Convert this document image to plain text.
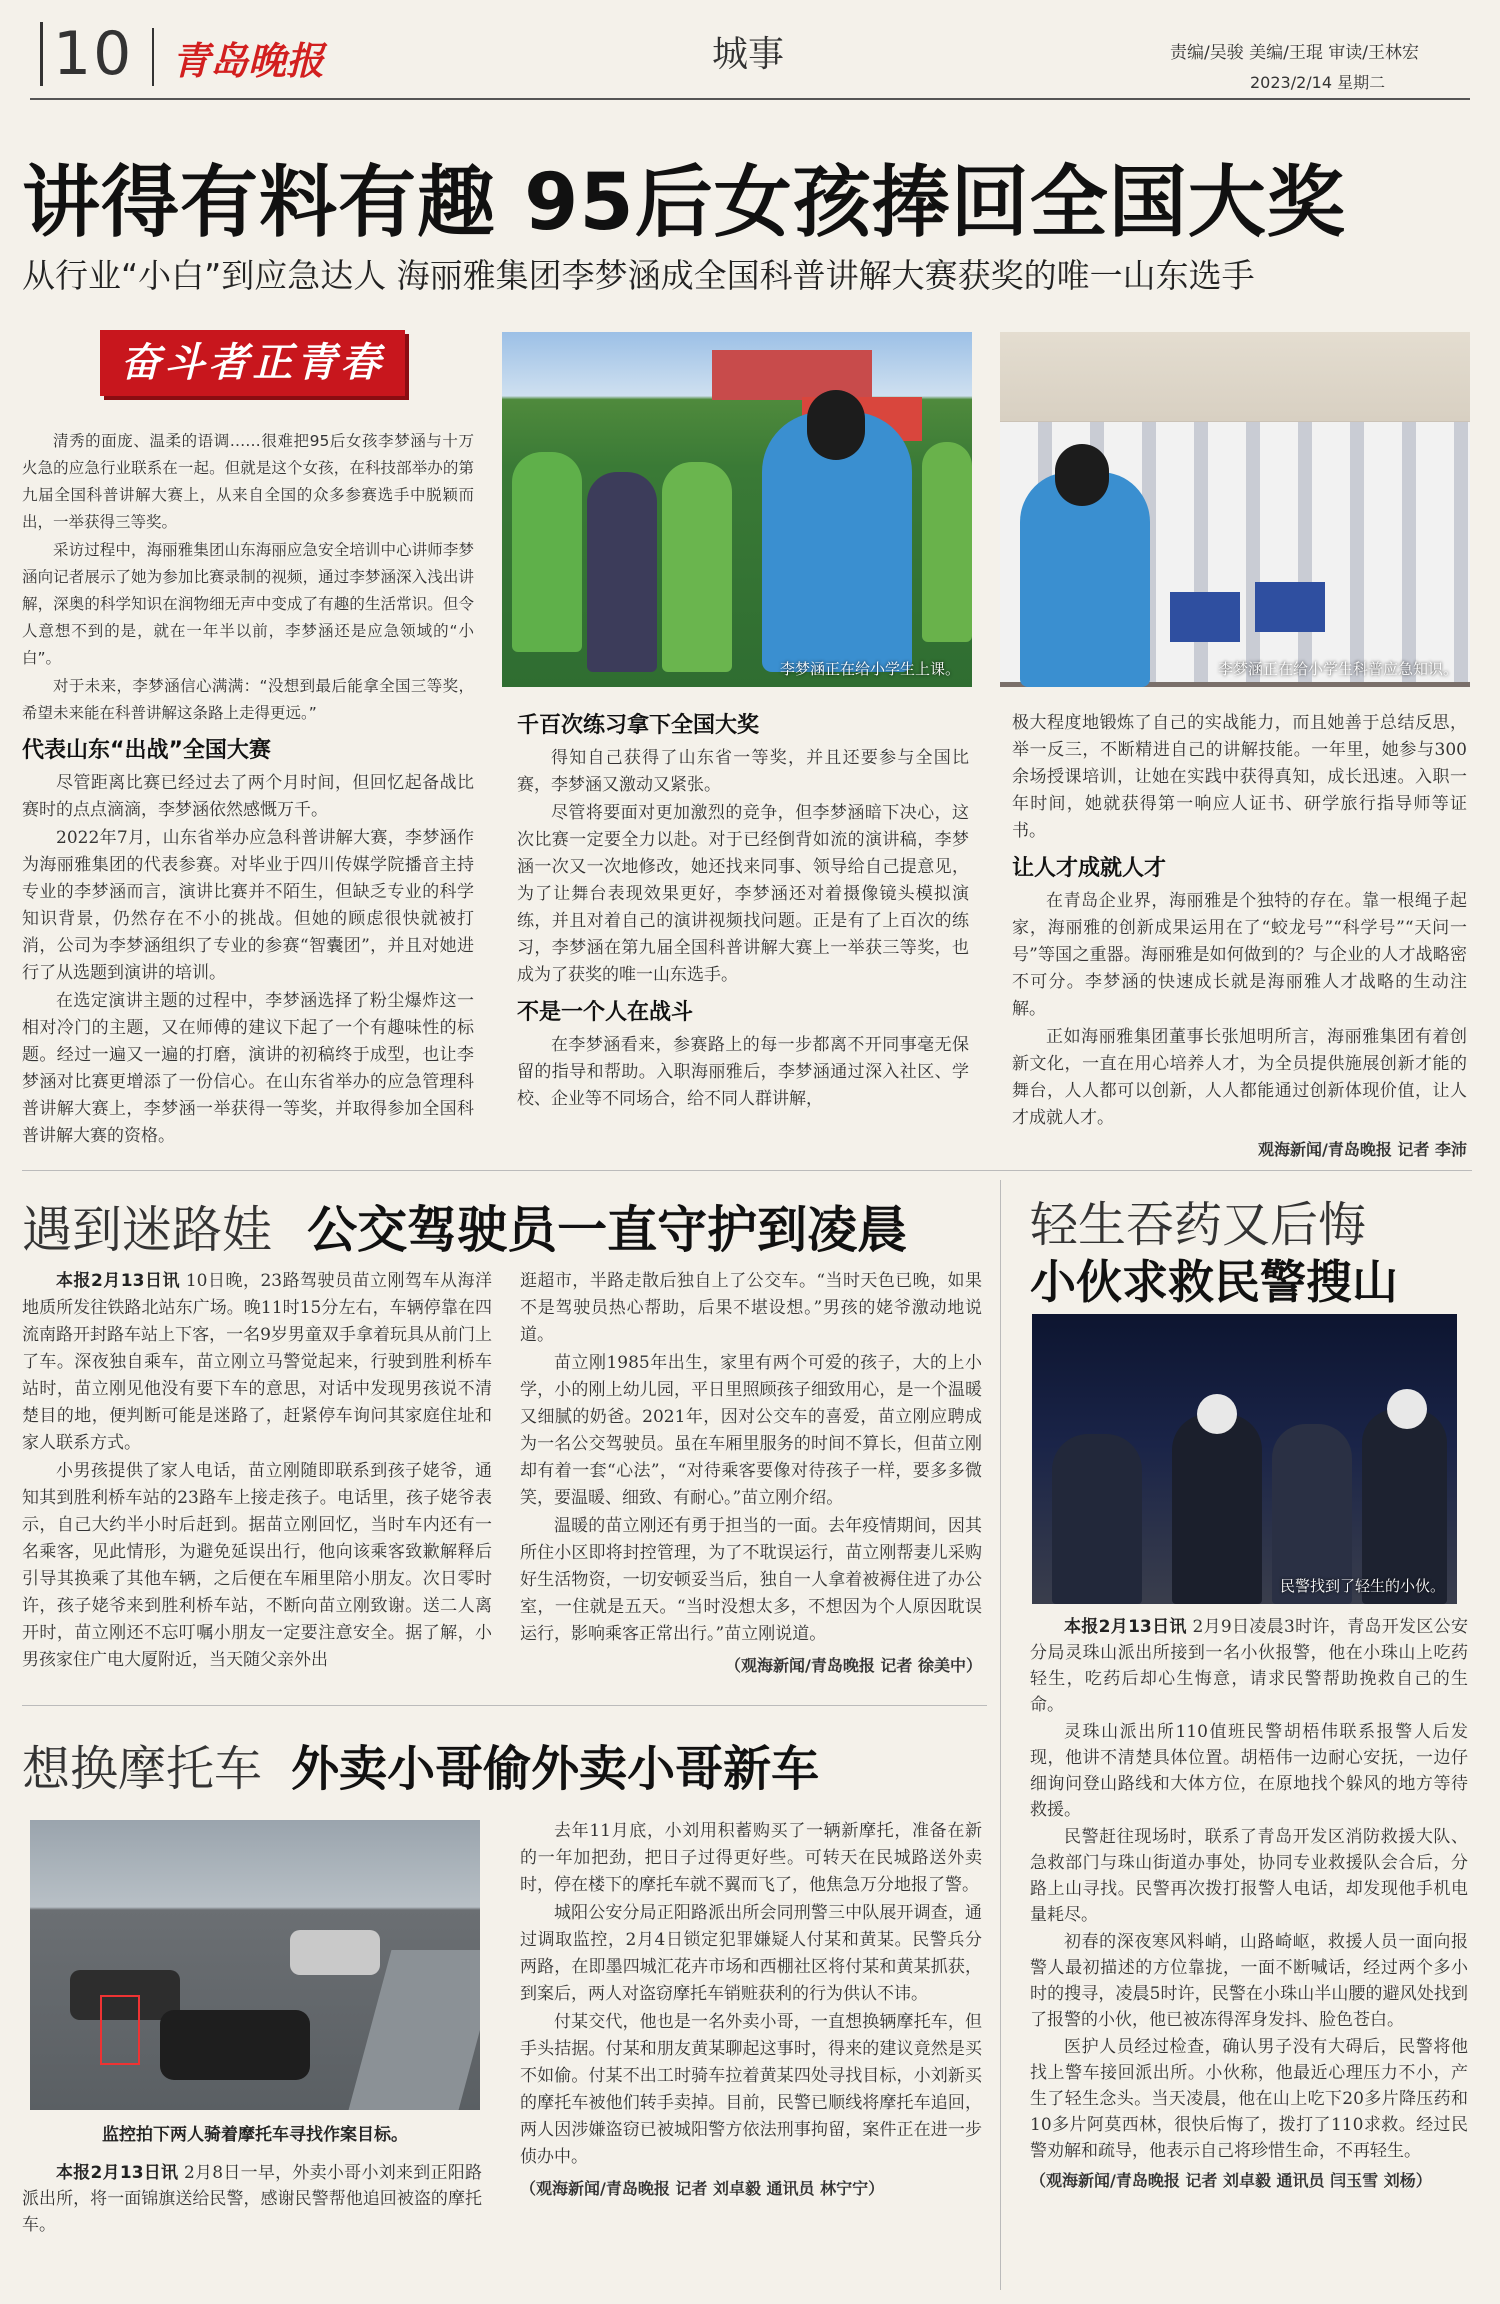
10 青岛晚报	城事	责编/吴骏 美编/王琨 审读/王林宏
2023/2/14 星期二
讲得有料有趣 95后女孩捧回全国大奖
从行业“小白”到应急达人 海丽雅集团李梦涵成全国科普讲解大赛获奖的唯一山东选手
奋斗者正青春

清秀的面庞、温柔的语调……很难把95后女孩李梦涵与十万火急的应急行业联系在一起。但就是这个女孩，在科技部举办的第九届全国科普讲解大赛上，从来自全国的众多参赛选手中脱颖而出，一举获得三等奖。

采访过程中，海丽雅集团山东海丽应急安全培训中心讲师李梦涵向记者展示了她为参加比赛录制的视频，通过李梦涵深入浅出讲解，深奥的科学知识在润物细无声中变成了有趣的生活常识。但令人意想不到的是，就在一年半以前，李梦涵还是应急领域的“小白”。

对于未来，李梦涵信心满满：“没想到最后能拿全国三等奖，希望未来能在科普讲解这条路上走得更远。”

代表山东“出战”全国大赛

尽管距离比赛已经过去了两个月时间，但回忆起备战比赛时的点点滴滴，李梦涵依然感慨万千。

2022年7月，山东省举办应急科普讲解大赛，李梦涵作为海丽雅集团的代表参赛。对毕业于四川传媒学院播音主持专业的李梦涵而言，演讲比赛并不陌生，但缺乏专业的科学知识背景，仍然存在不小的挑战。但她的顾虑很快就被打消，公司为李梦涵组织了专业的参赛“智囊团”，并且对她进行了从选题到演讲的培训。

在选定演讲主题的过程中，李梦涵选择了粉尘爆炸这一相对冷门的主题，又在师傅的建议下起了一个有趣味性的标题。经过一遍又一遍的打磨，演讲的初稿终于成型，也让李梦涵对比赛更增添了一份信心。在山东省举办的应急管理科普讲解大赛上，李梦涵一举获得一等奖，并取得参加全国科普讲解大赛的资格。

李梦涵正在给小学生上课。	李梦涵正在给小学生科普应急知识。
千百次练习拿下全国大奖

得知自己获得了山东省一等奖，并且还要参与全国比赛，李梦涵又激动又紧张。

尽管将要面对更加激烈的竞争，但李梦涵暗下决心，这次比赛一定要全力以赴。对于已经倒背如流的演讲稿，李梦涵一次又一次地修改，她还找来同事、领导给自己提意见，为了让舞台表现效果更好，李梦涵还对着摄像镜头模拟演练，并且对着自己的演讲视频找问题。正是有了上百次的练习，李梦涵在第九届全国科普讲解大赛上一举获三等奖，也成为了获奖的唯一山东选手。

不是一个人在战斗

在李梦涵看来，参赛路上的每一步都离不开同事毫无保留的指导和帮助。入职海丽雅后，李梦涵通过深入社区、学校、企业等不同场合，给不同人群讲解，

极大程度地锻炼了自己的实战能力，而且她善于总结反思，举一反三，不断精进自己的讲解技能。一年里，她参与300余场授课培训，让她在实践中获得真知，成长迅速。入职一年时间，她就获得第一响应人证书、研学旅行指导师等证书。

让人才成就人才

在青岛企业界，海丽雅是个独特的存在。靠一根绳子起家，海丽雅的创新成果运用在了“蛟龙号”“科学号”“天问一号”等国之重器。海丽雅是如何做到的？与企业的人才战略密不可分。李梦涵的快速成长就是海丽雅人才战略的生动注解。

正如海丽雅集团董事长张旭明所言，海丽雅集团有着创新文化，一直在用心培养人才，为全员提供施展创新才能的舞台，人人都可以创新，人人都能通过创新体现价值，让人才成就人才。

观海新闻/青岛晚报 记者 李沛
遇到迷路娃 公交驾驶员一直守护到凌晨

本报2月13日讯 10日晚，23路驾驶员苗立刚驾车从海洋地质所发往铁路北站东广场。晚11时15分左右，车辆停靠在四流南路开封路车站上下客，一名9岁男童双手拿着玩具从前门上了车。深夜独自乘车，苗立刚立马警觉起来，行驶到胜利桥车站时，苗立刚见他没有要下车的意思，对话中发现男孩说不清楚目的地，便判断可能是迷路了，赶紧停车询问其家庭住址和家人联系方式。

小男孩提供了家人电话，苗立刚随即联系到孩子姥爷，通知其到胜利桥车站的23路车上接走孩子。电话里，孩子姥爷表示，自己大约半小时后赶到。据苗立刚回忆，当时车内还有一名乘客，见此情形，为避免延误出行，他向该乘客致歉解释后引导其换乘了其他车辆，之后便在车厢里陪小朋友。次日零时许，孩子姥爷来到胜利桥车站，不断向苗立刚致谢。送二人离开时，苗立刚还不忘叮嘱小朋友一定要注意安全。据了解，小男孩家住广电大厦附近，当天随父亲外出

逛超市，半路走散后独自上了公交车。“当时天色已晚，如果不是驾驶员热心帮助，后果不堪设想。”男孩的姥爷激动地说道。

苗立刚1985年出生，家里有两个可爱的孩子，大的上小学，小的刚上幼儿园，平日里照顾孩子细致用心，是一个温暖又细腻的奶爸。2021年，因对公交车的喜爱，苗立刚应聘成为一名公交驾驶员。虽在车厢里服务的时间不算长，但苗立刚却有着一套“心法”，“对待乘客要像对待孩子一样，要多多微笑，要温暖、细致、有耐心。”苗立刚介绍。

温暖的苗立刚还有勇于担当的一面。去年疫情期间，因其所住小区即将封控管理，为了不耽误运行，苗立刚帮妻儿采购好生活物资，一切安顿妥当后，独自一人拿着被褥住进了办公室，一住就是五天。“当时没想太多，不想因为个人原因耽误运行，影响乘客正常出行。”苗立刚说道。

（观海新闻/青岛晚报 记者 徐美中）
轻生吞药又后悔
小伙求救民警搜山
民警找到了轻生的小伙。

本报2月13日讯 2月9日凌晨3时许，青岛开发区公安分局灵珠山派出所接到一名小伙报警，他在小珠山上吃药轻生，吃药后却心生悔意，请求民警帮助挽救自己的生命。

灵珠山派出所110值班民警胡梧伟联系报警人后发现，他讲不清楚具体位置。胡梧伟一边耐心安抚，一边仔细询问登山路线和大体方位，在原地找个躲风的地方等待救援。

民警赶往现场时，联系了青岛开发区消防救援大队、急救部门与珠山街道办事处，协同专业救援队会合后，分路上山寻找。民警再次拨打报警人电话，却发现他手机电量耗尽。

初春的深夜寒风料峭，山路崎岖，救援人员一面向报警人最初描述的方位靠拢，一面不断喊话，经过两个多小时的搜寻，凌晨5时许，民警在小珠山半山腰的避风处找到了报警的小伙，他已被冻得浑身发抖、脸色苍白。

医护人员经过检查，确认男子没有大碍后，民警将他找上警车接回派出所。小伙称，他最近心理压力不小，产生了轻生念头。当天凌晨，他在山上吃下20多片降压药和10多片阿莫西林，很快后悔了，拨打了110求救。经过民警劝解和疏导，他表示自己将珍惜生命，不再轻生。

（观海新闻/青岛晚报 记者 刘卓毅 通讯员 闫玉雪 刘杨）
想换摩托车 外卖小哥偷外卖小哥新车
监控拍下两人骑着摩托车寻找作案目标。

本报2月13日讯 2月8日一早，外卖小哥小刘来到正阳路派出所，将一面锦旗送给民警，感谢民警帮他追回被盗的摩托车。

去年11月底，小刘用积蓄购买了一辆新摩托，准备在新的一年加把劲，把日子过得更好些。可转天在民城路送外卖时，停在楼下的摩托车就不翼而飞了，他焦急万分地报了警。

城阳公安分局正阳路派出所会同刑警三中队展开调查，通过调取监控，2月4日锁定犯罪嫌疑人付某和黄某。民警兵分两路，在即墨四城汇花卉市场和西棚社区将付某和黄某抓获，到案后，两人对盗窃摩托车销赃获利的行为供认不讳。

付某交代，他也是一名外卖小哥，一直想换辆摩托车，但手头拮据。付某和朋友黄某聊起这事时，得来的建议竟然是买不如偷。付某不出工时骑车拉着黄某四处寻找目标，小刘新买的摩托车被他们转手卖掉。目前，民警已顺线将摩托车追回，两人因涉嫌盗窃已被城阳警方依法刑事拘留，案件正在进一步侦办中。

（观海新闻/青岛晚报 记者 刘卓毅 通讯员 林宁宁）
